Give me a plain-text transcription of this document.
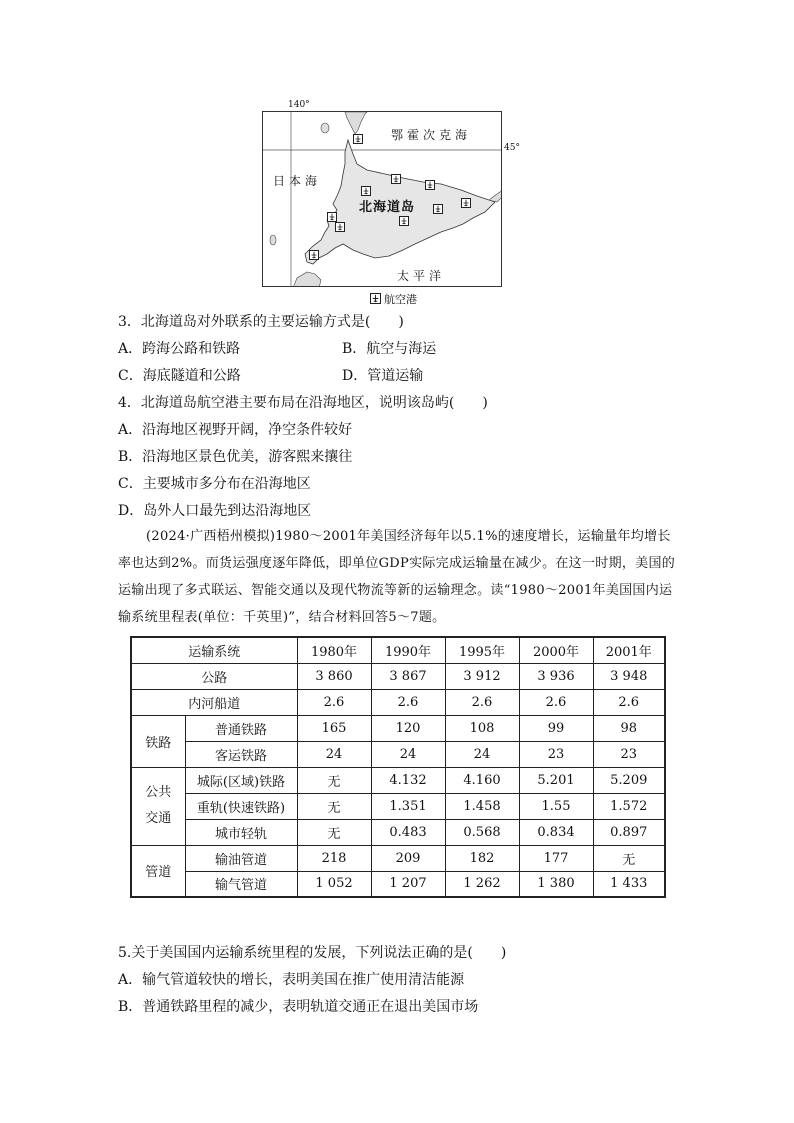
鄂霍次克海
日本海
北海道岛
太平洋
140°
45°
航空港
3．北海道岛对外联系的主要运输方式是(　　)
A．跨海公路和铁路	B．航空与海运
C．海底隧道和公路	D．管道运输
4．北海道岛航空港主要布局在沿海地区，说明该岛屿(　　)
A．沿海地区视野开阔，净空条件较好
B．沿海地区景色优美，游客熙来攘往
C．主要城市多分布在沿海地区
D．岛外人口最先到达沿海地区

(2024·广西梧州模拟)1980～2001年美国经济每年以5.1%的速度增长，运输量年均增长率也达到2%。而货运强度逐年降低，即单位GDP实际完成运输量在减少。在这一时期，美国的运输出现了多式联运、智能交通以及现代物流等新的运输理念。读“1980～2001年美国国内运输系统里程表(单位：千英里)”，结合材料回答5～7题。

运输系统		1980年	1990年	1995年	2000年	2001年
公路		3 860	3 867	3 912	3 936	3 948
内河船道		2.6	2.6	2.6	2.6	2.6
铁路	普通铁路	165	120	108	99	98
	客运铁路	24	24	24	23	23
公共
交通	城际(区域)铁路	无	4.132	4.160	5.201	5.209
	重轨(快速铁路)	无	1.351	1.458	1.55	1.572
	城市轻轨	无	0.483	0.568	0.834	0.897
管道	输油管道	218	209	182	177	无
	输气管道	1 052	1 207	1 262	1 380	1 433
5.关于美国国内运输系统里程的发展，下列说法正确的是(　　)
A．输气管道较快的增长，表明美国在推广使用清洁能源
B．普通铁路里程的减少，表明轨道交通正在退出美国市场
